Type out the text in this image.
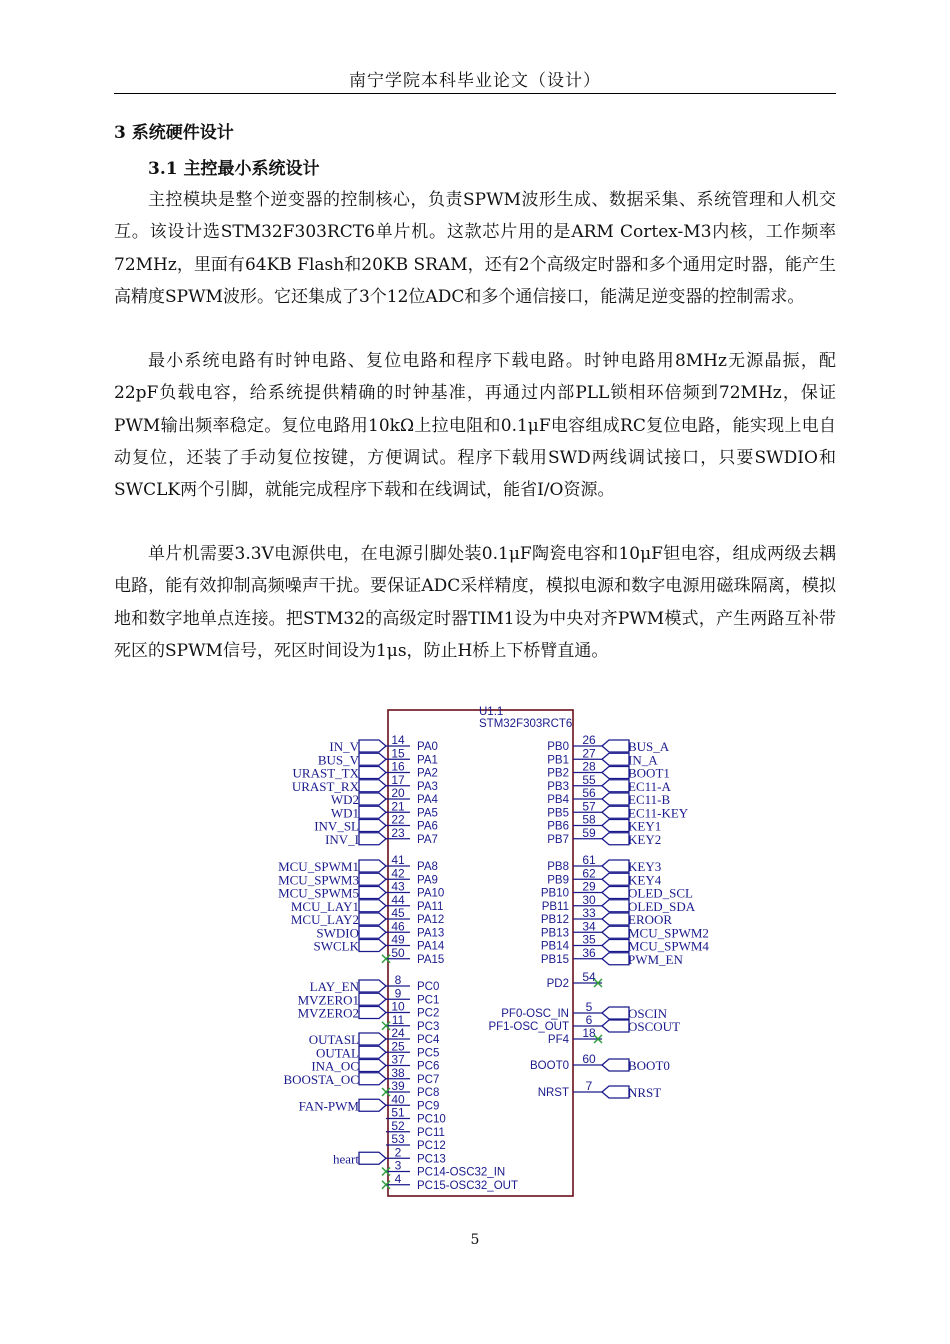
南宁学院本科毕业论文（设计）
3 系统硬件设计
3.1 主控最小系统设计

主控模块是整个逆变器的控制核心，负责SPWM波形生成、数据采集、系统管理和人机交互。该设计选STM32F303RCT6单片机。这款芯片用的是ARM Cortex-M3内核，工作频率72MHz，里面有64KB Flash和20KB SRAM，还有2个高级定时器和多个通用定时器，能产生高精度SPWM波形。它还集成了3个12位ADC和多个通信接口，能满足逆变器的控制需求。

最小系统电路有时钟电路、复位电路和程序下载电路。时钟电路用8MHz无源晶振，配22pF负载电容，给系统提供精确的时钟基准，再通过内部PLL锁相环倍频到72MHz，保证PWM输出频率稳定。复位电路用10kΩ上拉电阻和0.1μF电容组成RC复位电路，能实现上电自动复位，还装了手动复位按键，方便调试。程序下载用SWD两线调试接口，只要SWDIO和SWCLK两个引脚，就能完成程序下载和在线调试，能省I/O资源。

单片机需要3.3V电源供电，在电源引脚处装0.1μF陶瓷电容和10μF钽电容，组成两级去耦电路，能有效抑制高频噪声干扰。要保证ADC采样精度，模拟电源和数字电源用磁珠隔离，模拟地和数字地单点连接。把STM32的高级定时器TIM1设为中央对齐PWM模式，产生两路互补带死区的SPWM信号，死区时间设为1μs，防止H桥上下桥臂直通。

U1.1
STM32F303RCT6
14 PA0
IN_V	15 PA1
BUS_V	16 PA2
URAST_TX	17 PA3
URAST_RX	20 PA4
WD2	21 PA5
WD1	22 PA6
INV_SL	23 PA7
INV_I
41 PA8
MCU_SPWM1	42 PA9
MCU_SPWM3	43 PA10
MCU_SPWM5	44 PA11
MCU_LAY1	45 PA12
MCU_LAY2	46 PA13
SWDIO	49 PA14
SWCLK	50 PA15
8 PC0
LAY_EN	9 PC1
MVZERO1	10 PC2
MVZERO2	11 PC3
24 PC4
OUTASL	25 PC5
OUTAL	37 PC6
INA_OC	38 PC7
BOOSTA_OC	39 PC8
40 PC9
FAN-PWM	51 PC10
52 PC11
53 PC12
2 PC13
heart	3 PC14-OSC32_IN
4 PC15-OSC32_OUT
26
PB0	BUS_A
27
PB1	IN_A
28
PB2	BOOT1
55
PB3	EC11-A
56
PB4	EC11-B
57
PB5	EC11-KEY
58
PB6	KEY1
59
PB7	KEY2
61
PB8	KEY3
62
PB9	KEY4
29
PB10	OLED_SCL
30
PB11	OLED_SDA
33
PB12	EROOR
34
PB13	MCU_SPWM2
35
PB14	MCU_SPWM4
36
PB15	PWM_EN
54
PD2
5
PF0-OSC_IN	OSCIN
6
PF1-OSC_OUT	OSCOUT
18
PF4
60
BOOT0	BOOT0
7
NRST	NRST
5
